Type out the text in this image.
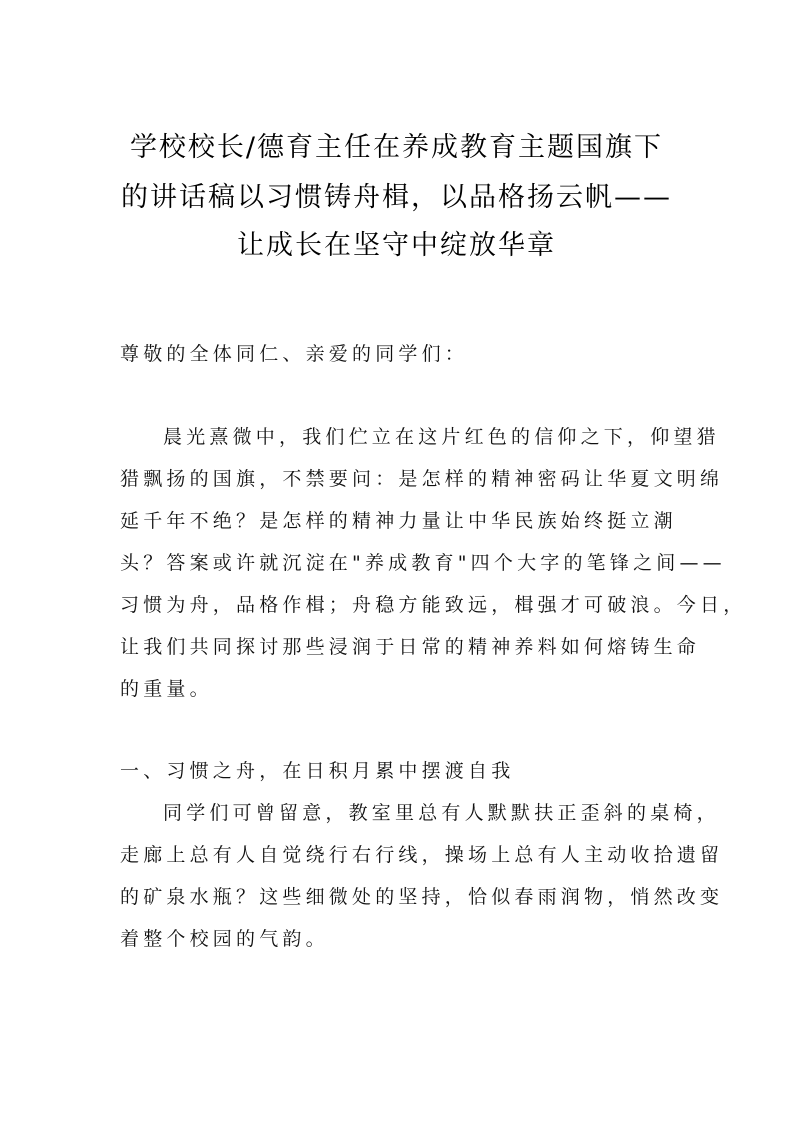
学校校长/德育主任在养成教育主题国旗下
的讲话稿以习惯铸舟楫，以品格扬云帆——
让成长在坚守中绽放华章
尊敬的全体同仁、亲爱的同学们：
晨光熹微中，我们伫立在这片红色的信仰之下，仰望猎
猎飘扬的国旗，不禁要问：是怎样的精神密码让华夏文明绵
延千年不绝？是怎样的精神力量让中华民族始终挺立潮
头？答案或许就沉淀在"养成教育"四个大字的笔锋之间——
习惯为舟，品格作楫；舟稳方能致远，楫强才可破浪。今日，
让我们共同探讨那些浸润于日常的精神养料如何熔铸生命
的重量。
一、习惯之舟，在日积月累中摆渡自我
同学们可曾留意，教室里总有人默默扶正歪斜的桌椅，
走廊上总有人自觉绕行右行线，操场上总有人主动收拾遗留
的矿泉水瓶？这些细微处的坚持，恰似春雨润物，悄然改变
着整个校园的气韵。
